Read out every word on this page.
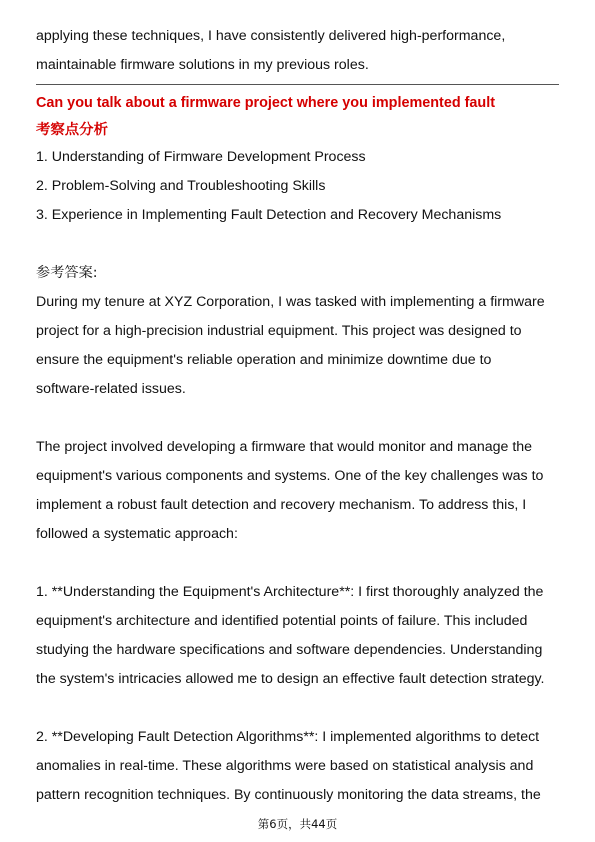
applying these techniques, I have consistently delivered high-performance,

maintainable firmware solutions in my previous roles.

Can you talk about a firmware project where you implemented fault

考察点分析

1. Understanding of Firmware Development Process

2. Problem-Solving and Troubleshooting Skills

3. Experience in Implementing Fault Detection and Recovery Mechanisms

参考答案:

During my tenure at XYZ Corporation, I was tasked with implementing a firmware

project for a high-precision industrial equipment. This project was designed to

ensure the equipment's reliable operation and minimize downtime due to

software-related issues.

The project involved developing a firmware that would monitor and manage the

equipment's various components and systems. One of the key challenges was to

implement a robust fault detection and recovery mechanism. To address this, I

followed a systematic approach:

1. **Understanding the Equipment's Architecture**: I first thoroughly analyzed the

equipment's architecture and identified potential points of failure. This included

studying the hardware specifications and software dependencies. Understanding

the system's intricacies allowed me to design an effective fault detection strategy.

2. **Developing Fault Detection Algorithms**: I implemented algorithms to detect

anomalies in real-time. These algorithms were based on statistical analysis and

pattern recognition techniques. By continuously monitoring the data streams, the

第6页，共44页
